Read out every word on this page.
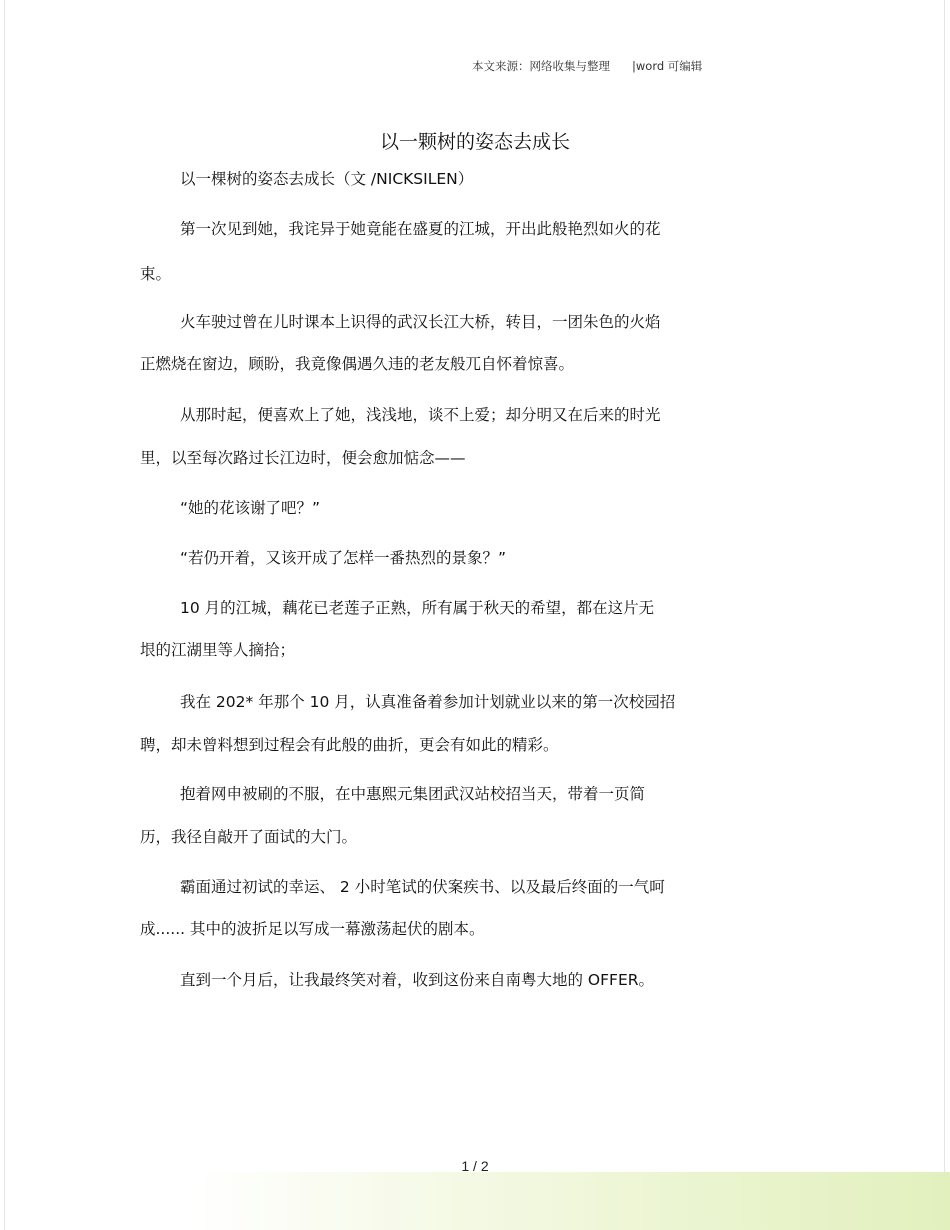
本文来源：网络收集与整理 |word 可编辑
以一颗树的姿态去成长
以一棵树的姿态去成长（文 /NICKSILEN）
第一次见到她，我诧异于她竟能在盛夏的江城，开出此般艳烈如火的花
束。
火车驶过曾在儿时课本上识得的武汉长江大桥，转目，一团朱色的火焰
正燃烧在窗边，顾盼，我竟像偶遇久违的老友般兀自怀着惊喜。
从那时起，便喜欢上了她，浅浅地，谈不上爱；却分明又在后来的时光
里，以至每次路过长江边时，便会愈加惦念——
“她的花该谢了吧？”
“若仍开着，又该开成了怎样一番热烈的景象？”
10 月的江城，藕花已老莲子正熟，所有属于秋天的希望，都在这片无
垠的江湖里等人摘拾；
我在 202* 年那个 10 月，认真准备着参加计划就业以来的第一次校园招
聘，却未曾料想到过程会有此般的曲折，更会有如此的精彩。
抱着网申被刷的不服，在中惠熙元集团武汉站校招当天，带着一页简
历，我径自敲开了面试的大门。
霸面通过初试的幸运、 2 小时笔试的伏案疾书、以及最后终面的一气呵
成...... 其中的波折足以写成一幕激荡起伏的剧本。
直到一个月后，让我最终笑对着，收到这份来自南粤大地的 OFFER。
1 / 2
